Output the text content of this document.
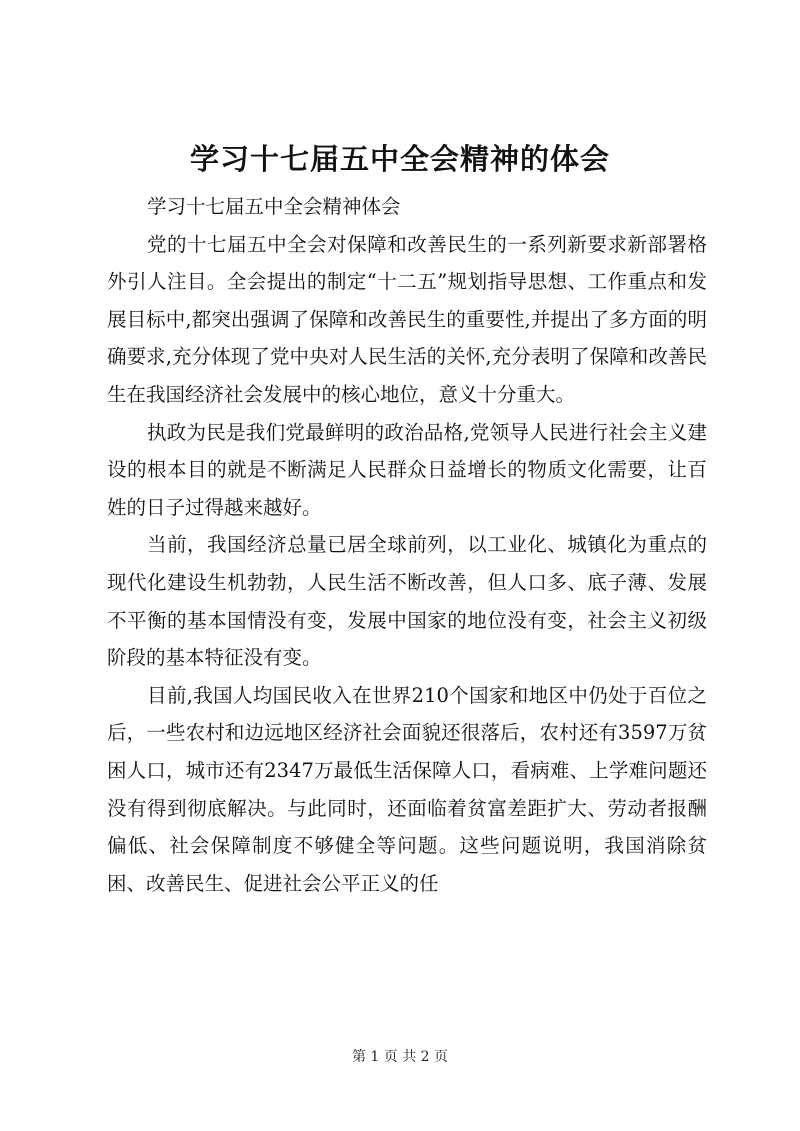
学习十七届五中全会精神的体会

学习十七届五中全会精神体会

党的十七届五中全会对保障和改善民生的一系列新要求新部署格外引人注目。全会提出的制定“十二五”规划指导思想、工作重点和发展目标中,都突出强调了保障和改善民生的重要性,并提出了多方面的明确要求,充分体现了党中央对人民生活的关怀,充分表明了保障和改善民生在我国经济社会发展中的核心地位，意义十分重大。

执政为民是我们党最鲜明的政治品格,党领导人民进行社会主义建设的根本目的就是不断满足人民群众日益增长的物质文化需要，让百姓的日子过得越来越好。

当前，我国经济总量已居全球前列，以工业化、城镇化为重点的现代化建设生机勃勃，人民生活不断改善，但人口多、底子薄、发展不平衡的基本国情没有变，发展中国家的地位没有变，社会主义初级阶段的基本特征没有变。

目前,我国人均国民收入在世界210个国家和地区中仍处于百位之后，一些农村和边远地区经济社会面貌还很落后，农村还有3597万贫困人口，城市还有2347万最低生活保障人口，看病难、上学难问题还没有得到彻底解决。与此同时，还面临着贫富差距扩大、劳动者报酬偏低、社会保障制度不够健全等问题。这些问题说明，我国消除贫困、改善民生、促进社会公平正义的任

第 1 页 共 2 页
